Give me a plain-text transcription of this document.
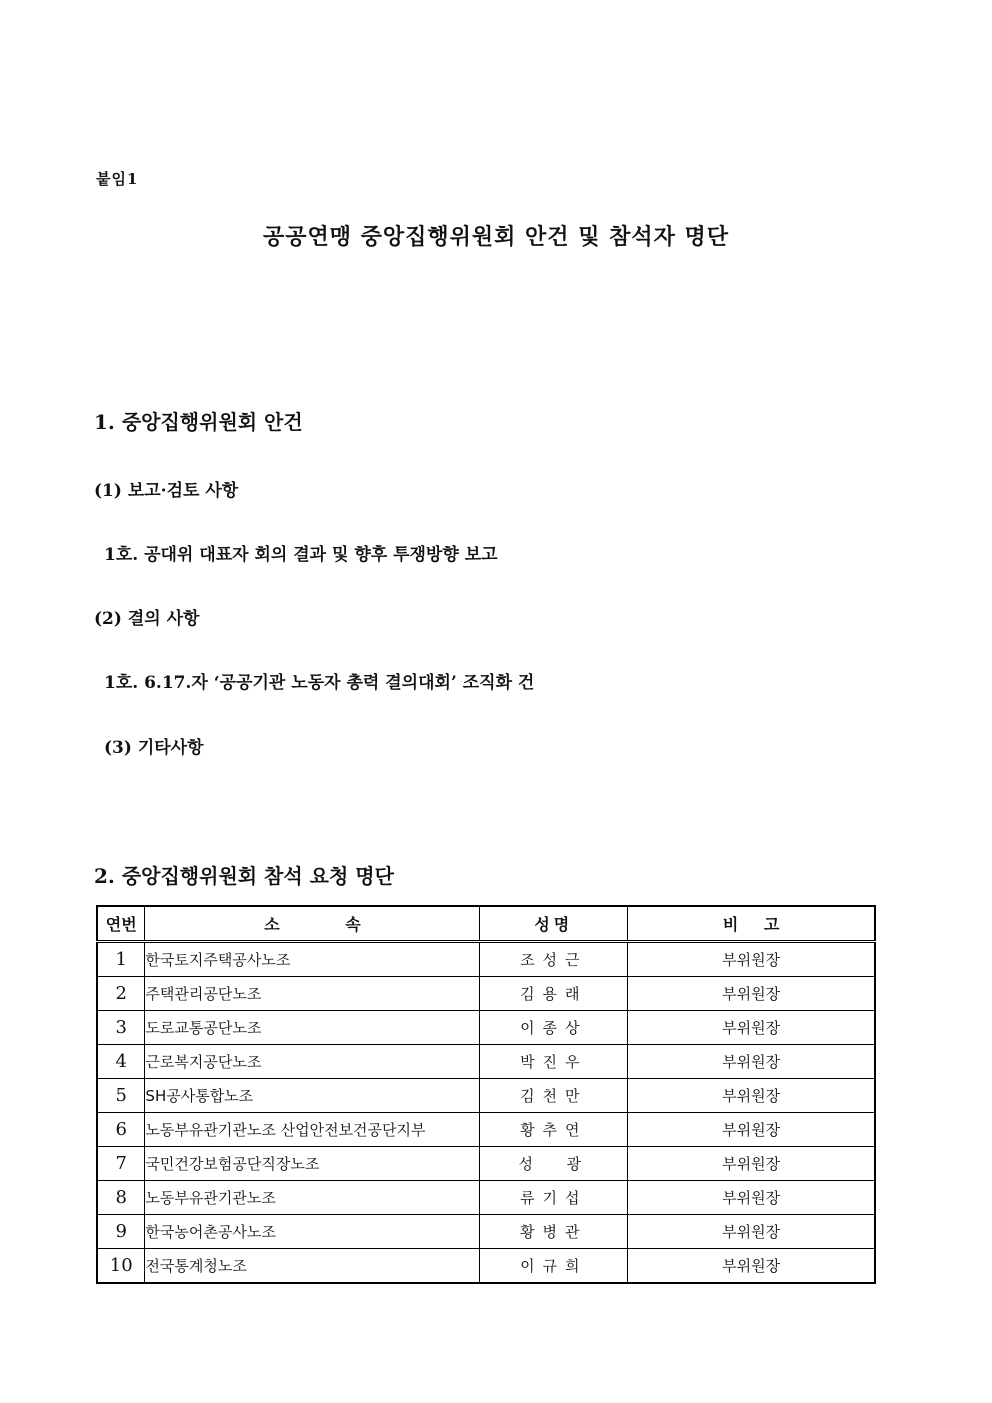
붙임1
공공연맹 중앙집행위원회 안건 및 참석자 명단
1. 중앙집행위원회 안건
(1) 보고·검토 사항
1호. 공대위 대표자 회의 결과 및 향후 투쟁방향 보고
(2) 결의 사항
1호. 6.17.자 ‘공공기관 노동자 총력 결의대회’ 조직화 건
(3) 기타사항
2. 중앙집행위원회 참석 요청 명단
연번	소 속	성명	비 고
1	한국토지주택공사노조	조성근	부위원장
2	주택관리공단노조	김용래	부위원장
3	도로교통공단노조	이종상	부위원장
4	근로복지공단노조	박진우	부위원장
5	SH공사통합노조	김천만	부위원장
6	노동부유관기관노조 산업안전보건공단지부	황추연	부위원장
7	국민건강보험공단직장노조	성  광	부위원장
8	노동부유관기관노조	류기섭	부위원장
9	한국농어촌공사노조	황병관	부위원장
10	전국통계청노조	이규희	부위원장
